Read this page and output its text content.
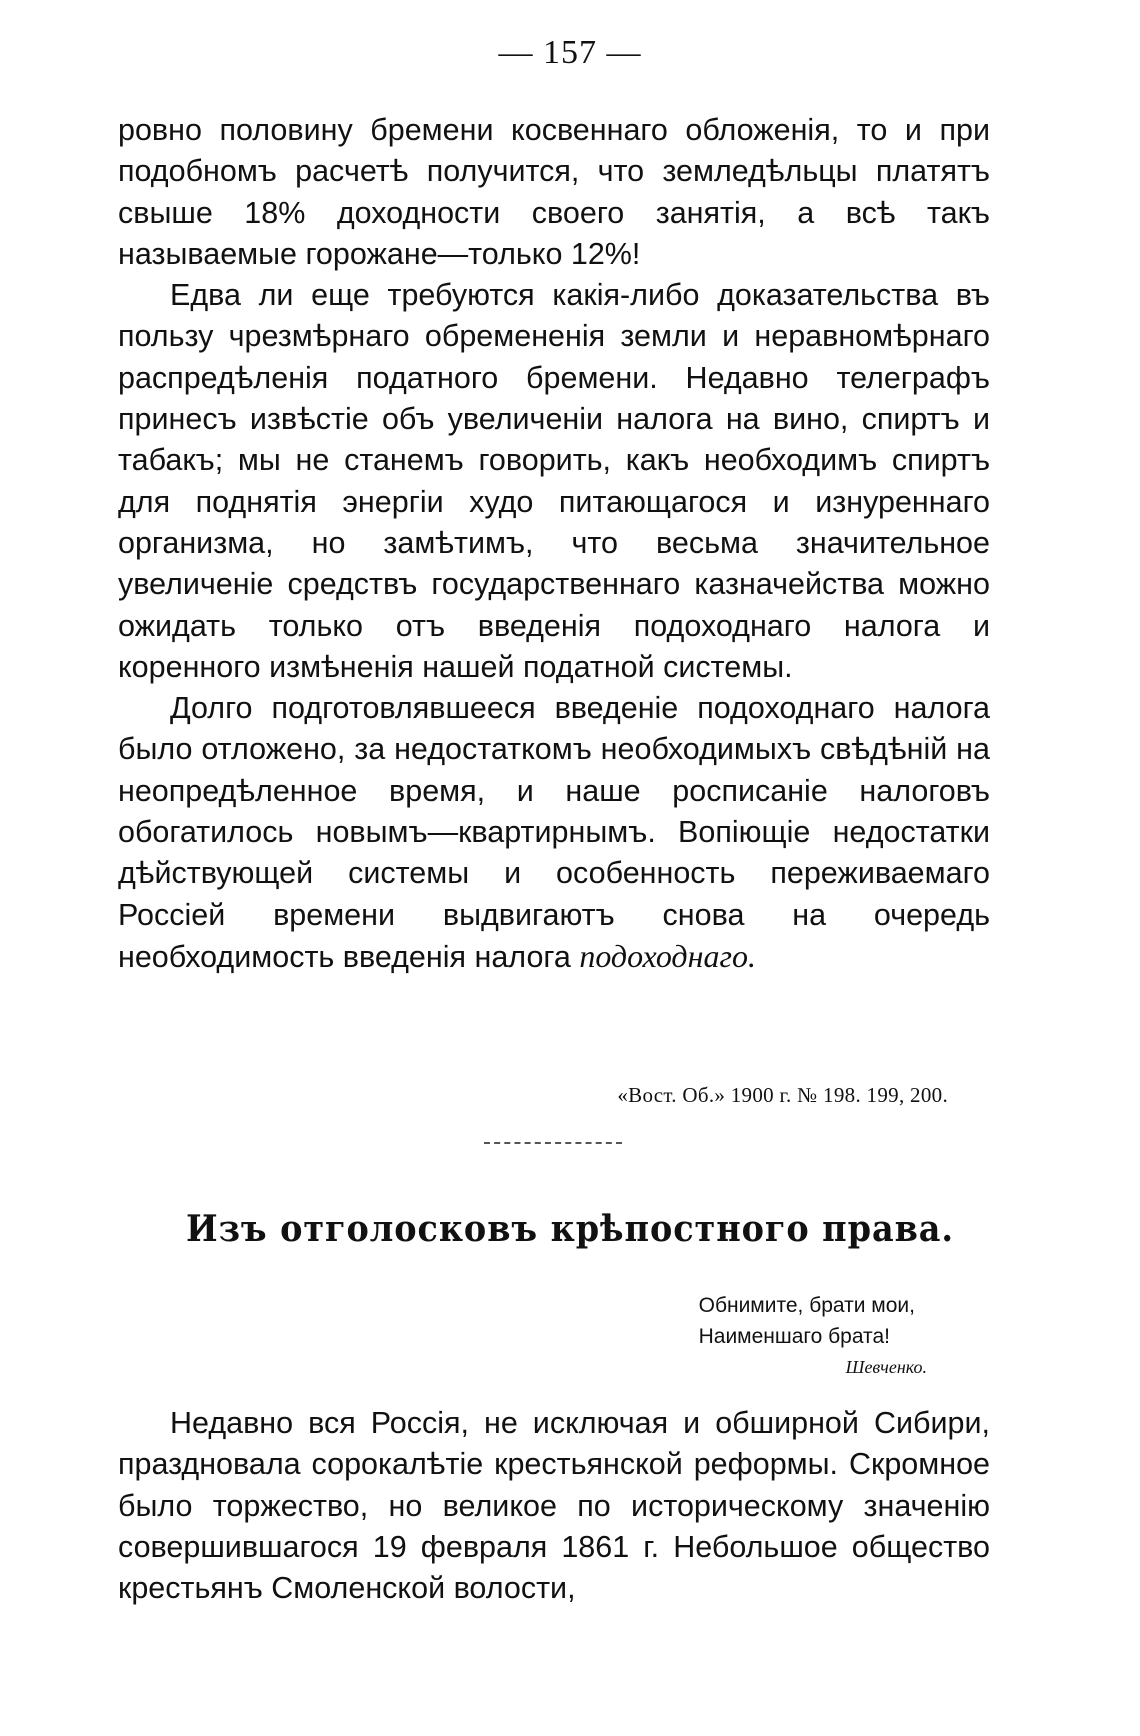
— 157 —

ровно половину бремени косвеннаго обложенія, то и при подобномъ расчетѣ получится, что земледѣльцы платятъ свыше 18% доходности своего занятія, а всѣ такъ называемые горожане—только 12%!

Едва ли еще требуются какія-либо доказательства въ пользу чрезмѣрнаго обремененія земли и неравномѣрнаго распредѣленія податного бремени. Недавно телеграфъ принесъ извѣстіе объ увеличеніи налога на вино, спиртъ и табакъ; мы не станемъ говорить, какъ необходимъ спиртъ для поднятія энергіи худо питающагося и изнуреннаго организма, но замѣтимъ, что весьма значительное увеличеніе средствъ государственнаго казначейства можно ожидать только отъ введенія подоходнаго налога и коренного измѣненія нашей податной системы.

Долго подготовлявшееся введеніе подоходнаго налога было отложено, за недостаткомъ необходимыхъ свѣдѣній на неопредѣленное время, и наше росписаніе налоговъ обогатилось новымъ—квартирнымъ. Вопіющіе недостатки дѣйствующей системы и особенность переживаемаго Россіей времени выдвигаютъ снова на очередь необходимость введенія налога подоходнаго.

«Вост. Об.» 1900 г. № 198. 199, 200.
Изъ отголосковъ крѣпостного права.
Обнимите, брати мои,
Наименшаго брата!
Шевченко.

Недавно вся Россія, не исключая и обширной Сибири, праздновала сорокалѣтіе крестьянской реформы. Скромное было торжество, но великое по историческому значенію совершившагося 19 февраля 1861 г. Небольшое общество крестьянъ Смоленской волости,
